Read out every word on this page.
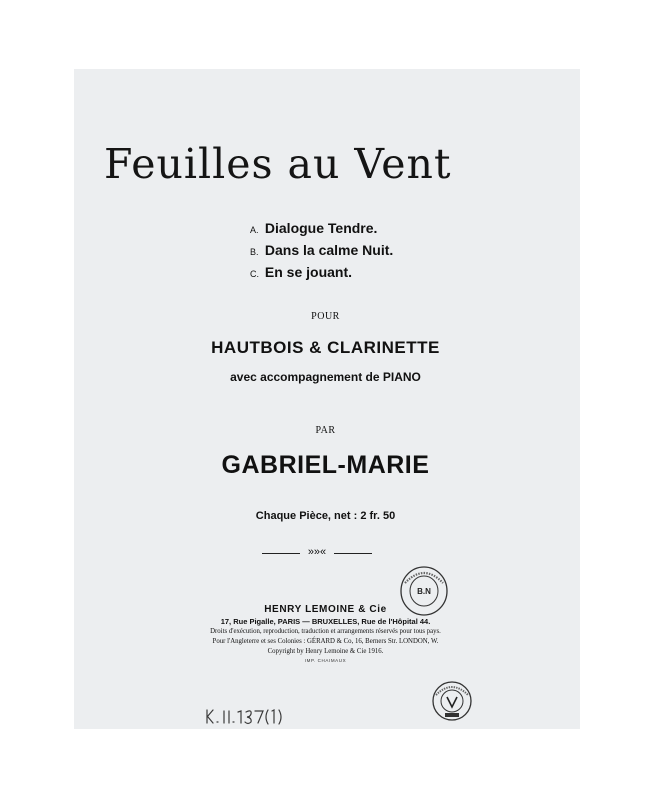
Feuilles au Vent
A. Dialogue Tendre.
B. Dans la calme Nuit.
C. En se jouant.
POUR
HAUTBOIS & CLARINETTE
avec accompagnement de PIANO
PAR
GABRIEL-MARIE
Chaque Pièce, net : 2 fr. 50
»»«
HENRY LEMOINE & Cie
17, Rue Pigalle, PARIS — BRUXELLES, Rue de l'Hôpital 44.
Droits d'exécution, reproduction, traduction et arrangements réservés pour tous pays.
Pour l'Angleterre et ses Colonies : GÉRARD & Co, 16, Berners Str. LONDON, W.
Copyright by Henry Lemoine & Cie 1916.
IMP. CHAIMAUX
B.N
